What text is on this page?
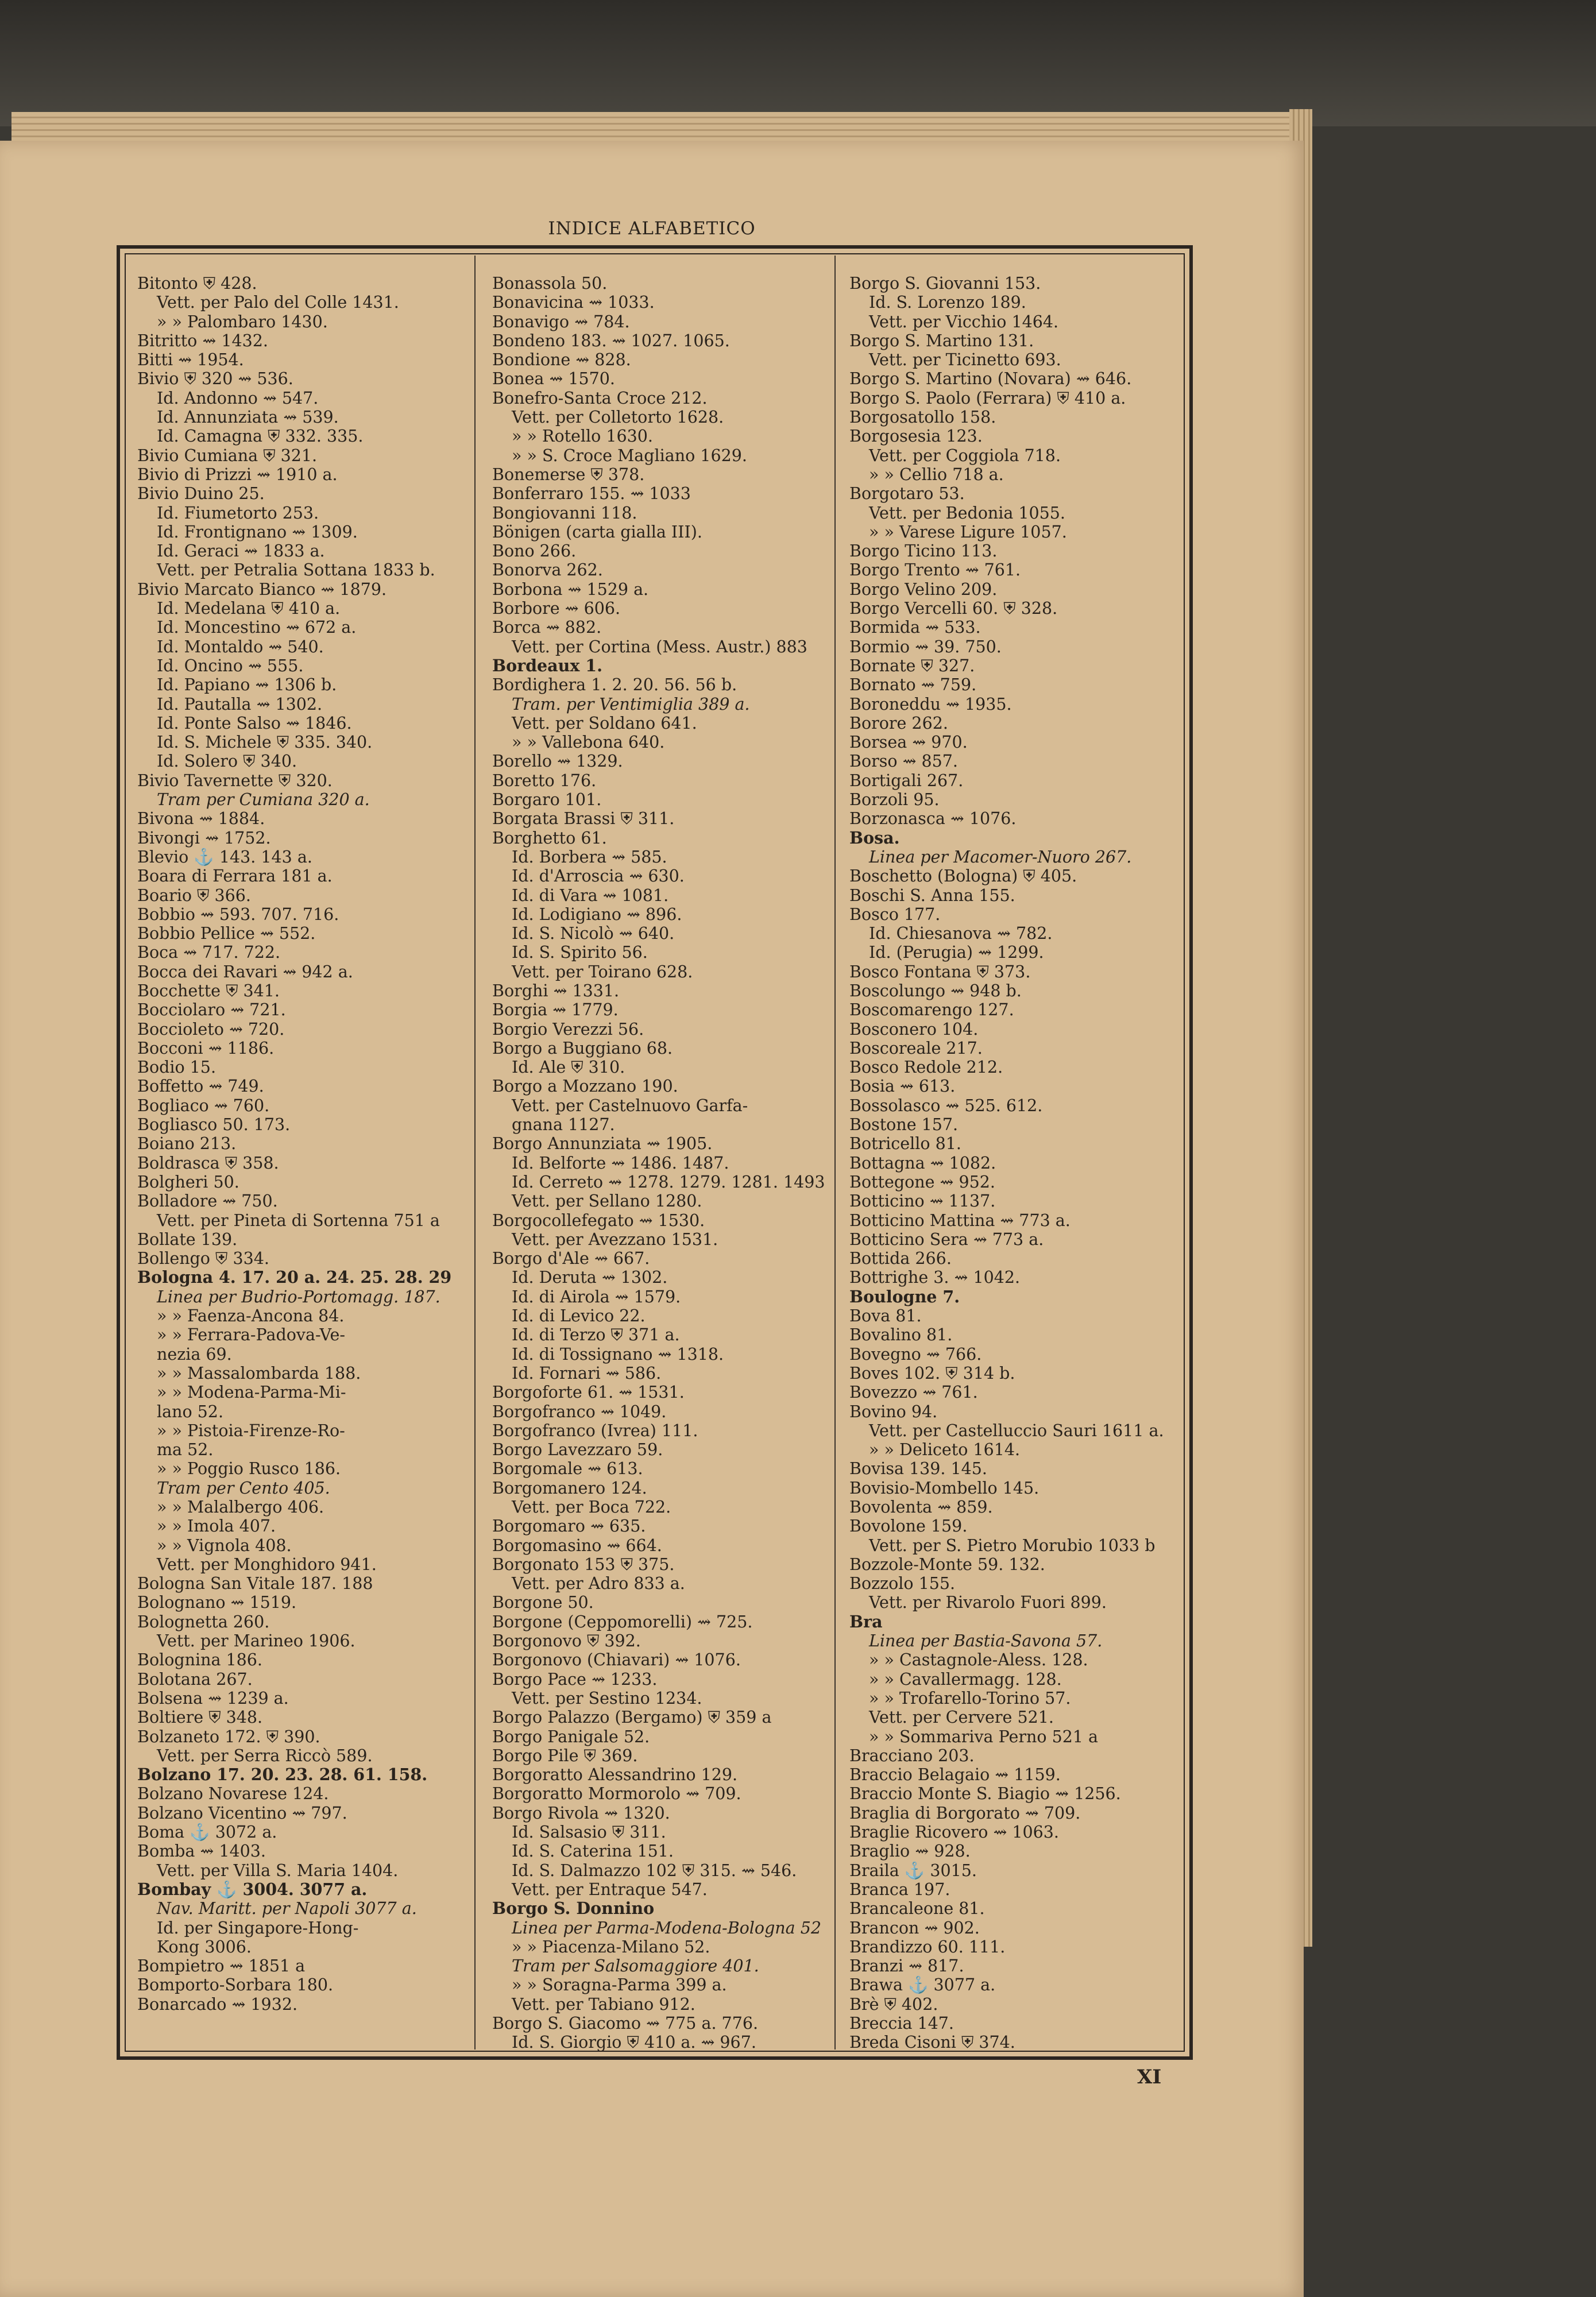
INDICE ALFABETICO
Bitonto ⛨ 428.
Vett. per Palo del Colle 1431.
» » Palombaro 1430.
Bitritto ⇝ 1432.
Bitti ⇝ 1954.
Bivio ⛨ 320 ⇝ 536.
Id. Andonno ⇝ 547.
Id. Annunziata ⇝ 539.
Id. Camagna ⛨ 332. 335.
Bivio Cumiana ⛨ 321.
Bivio di Prizzi ⇝ 1910 a.
Bivio Duino 25.
Id. Fiumetorto 253.
Id. Frontignano ⇝ 1309.
Id. Geraci ⇝ 1833 a.
Vett. per Petralia Sottana 1833 b.
Bivio Marcato Bianco ⇝ 1879.
Id. Medelana ⛨ 410 a.
Id. Moncestino ⇝ 672 a.
Id. Montaldo ⇝ 540.
Id. Oncino ⇝ 555.
Id. Papiano ⇝ 1306 b.
Id. Pautalla ⇝ 1302.
Id. Ponte Salso ⇝ 1846.
Id. S. Michele ⛨ 335. 340.
Id. Solero ⛨ 340.
Bivio Tavernette ⛨ 320.
Tram per Cumiana 320 a.
Bivona ⇝ 1884.
Bivongi ⇝ 1752.
Blevio ⚓ 143. 143 a.
Boara di Ferrara 181 a.
Boario ⛨ 366.
Bobbio ⇝ 593. 707. 716.
Bobbio Pellice ⇝ 552.
Boca ⇝ 717. 722.
Bocca dei Ravari ⇝ 942 a.
Bocchette ⛨ 341.
Bocciolaro ⇝ 721.
Boccioleto ⇝ 720.
Bocconi ⇝ 1186.
Bodio 15.
Boffetto ⇝ 749.
Bogliaco ⇝ 760.
Bogliasco 50. 173.
Boiano 213.
Boldrasca ⛨ 358.
Bolgheri 50.
Bolladore ⇝ 750.
Vett. per Pineta di Sortenna 751 a
Bollate 139.
Bollengo ⛨ 334.
Bologna 4. 17. 20 a. 24. 25. 28. 29
Linea per Budrio-Portomagg. 187.
» » Faenza-Ancona 84.
» » Ferrara-Padova-Ve-
nezia 69.
» » Massalombarda 188.
» » Modena-Parma-Mi-
lano 52.
» » Pistoia-Firenze-Ro-
ma 52.
» » Poggio Rusco 186.
Tram per Cento 405.
» » Malalbergo 406.
» » Imola 407.
» » Vignola 408.
Vett. per Monghidoro 941.
Bologna San Vitale 187. 188
Bolognano ⇝ 1519.
Bolognetta 260.
Vett. per Marineo 1906.
Bolognina 186.
Bolotana 267.
Bolsena ⇝ 1239 a.
Boltiere ⛨ 348.
Bolzaneto 172. ⛨ 390.
Vett. per Serra Riccò 589.
Bolzano 17. 20. 23. 28. 61. 158.
Bolzano Novarese 124.
Bolzano Vicentino ⇝ 797.
Boma ⚓ 3072 a.
Bomba ⇝ 1403.
Vett. per Villa S. Maria 1404.
Bombay ⚓ 3004. 3077 a.
Nav. Maritt. per Napoli 3077 a.
Id. per Singapore-Hong-
Kong 3006.
Bompietro ⇝ 1851 a
Bomporto-Sorbara 180.
Bonarcado ⇝ 1932.
Bonassola 50.
Bonavicina ⇝ 1033.
Bonavigo ⇝ 784.
Bondeno 183. ⇝ 1027. 1065.
Bondione ⇝ 828.
Bonea ⇝ 1570.
Bonefro-Santa Croce 212.
Vett. per Colletorto 1628.
» » Rotello 1630.
» » S. Croce Magliano 1629.
Bonemerse ⛨ 378.
Bonferraro 155. ⇝ 1033
Bongiovanni 118.
Bönigen (carta gialla III).
Bono 266.
Bonorva 262.
Borbona ⇝ 1529 a.
Borbore ⇝ 606.
Borca ⇝ 882.
Vett. per Cortina (Mess. Austr.) 883
Bordeaux 1.
Bordighera 1. 2. 20. 56. 56 b.
Tram. per Ventimiglia 389 a.
Vett. per Soldano 641.
» » Vallebona 640.
Borello ⇝ 1329.
Boretto 176.
Borgaro 101.
Borgata Brassi ⛨ 311.
Borghetto 61.
Id. Borbera ⇝ 585.
Id. d'Arroscia ⇝ 630.
Id. di Vara ⇝ 1081.
Id. Lodigiano ⇝ 896.
Id. S. Nicolò ⇝ 640.
Id. S. Spirito 56.
Vett. per Toirano 628.
Borghi ⇝ 1331.
Borgia ⇝ 1779.
Borgio Verezzi 56.
Borgo a Buggiano 68.
Id. Ale ⛨ 310.
Borgo a Mozzano 190.
Vett. per Castelnuovo Garfa-
gnana 1127.
Borgo Annunziata ⇝ 1905.
Id. Belforte ⇝ 1486. 1487.
Id. Cerreto ⇝ 1278. 1279. 1281. 1493
Vett. per Sellano 1280.
Borgocollefegato ⇝ 1530.
Vett. per Avezzano 1531.
Borgo d'Ale ⇝ 667.
Id. Deruta ⇝ 1302.
Id. di Airola ⇝ 1579.
Id. di Levico 22.
Id. di Terzo ⛨ 371 a.
Id. di Tossignano ⇝ 1318.
Id. Fornari ⇝ 586.
Borgoforte 61. ⇝ 1531.
Borgofranco ⇝ 1049.
Borgofranco (Ivrea) 111.
Borgo Lavezzaro 59.
Borgomale ⇝ 613.
Borgomanero 124.
Vett. per Boca 722.
Borgomaro ⇝ 635.
Borgomasino ⇝ 664.
Borgonato 153 ⛨ 375.
Vett. per Adro 833 a.
Borgone 50.
Borgone (Ceppomorelli) ⇝ 725.
Borgonovo ⛨ 392.
Borgonovo (Chiavari) ⇝ 1076.
Borgo Pace ⇝ 1233.
Vett. per Sestino 1234.
Borgo Palazzo (Bergamo) ⛨ 359 a
Borgo Panigale 52.
Borgo Pile ⛨ 369.
Borgoratto Alessandrino 129.
Borgoratto Mormorolo ⇝ 709.
Borgo Rivola ⇝ 1320.
Id. Salsasio ⛨ 311.
Id. S. Caterina 151.
Id. S. Dalmazzo 102 ⛨ 315. ⇝ 546.
Vett. per Entraque 547.
Borgo S. Donnino
Linea per Parma-Modena-Bologna 52
» » Piacenza-Milano 52.
Tram per Salsomaggiore 401.
» » Soragna-Parma 399 a.
Vett. per Tabiano 912.
Borgo S. Giacomo ⇝ 775 a. 776.
Id. S. Giorgio ⛨ 410 a. ⇝ 967.
Borgo S. Giovanni 153.
Id. S. Lorenzo 189.
Vett. per Vicchio 1464.
Borgo S. Martino 131.
Vett. per Ticinetto 693.
Borgo S. Martino (Novara) ⇝ 646.
Borgo S. Paolo (Ferrara) ⛨ 410 a.
Borgosatollo 158.
Borgosesia 123.
Vett. per Coggiola 718.
» » Cellio 718 a.
Borgotaro 53.
Vett. per Bedonia 1055.
» » Varese Ligure 1057.
Borgo Ticino 113.
Borgo Trento ⇝ 761.
Borgo Velino 209.
Borgo Vercelli 60. ⛨ 328.
Bormida ⇝ 533.
Bormio ⇝ 39. 750.
Bornate ⛨ 327.
Bornato ⇝ 759.
Boroneddu ⇝ 1935.
Borore 262.
Borsea ⇝ 970.
Borso ⇝ 857.
Bortigali 267.
Borzoli 95.
Borzonasca ⇝ 1076.
Bosa.
Linea per Macomer-Nuoro 267.
Boschetto (Bologna) ⛨ 405.
Boschi S. Anna 155.
Bosco 177.
Id. Chiesanova ⇝ 782.
Id. (Perugia) ⇝ 1299.
Bosco Fontana ⛨ 373.
Boscolungo ⇝ 948 b.
Boscomarengo 127.
Bosconero 104.
Boscoreale 217.
Bosco Redole 212.
Bosia ⇝ 613.
Bossolasco ⇝ 525. 612.
Bostone 157.
Botricello 81.
Bottagna ⇝ 1082.
Bottegone ⇝ 952.
Botticino ⇝ 1137.
Botticino Mattina ⇝ 773 a.
Botticino Sera ⇝ 773 a.
Bottida 266.
Bottrighe 3. ⇝ 1042.
Boulogne 7.
Bova 81.
Bovalino 81.
Bovegno ⇝ 766.
Boves 102. ⛨ 314 b.
Bovezzo ⇝ 761.
Bovino 94.
Vett. per Castelluccio Sauri 1611 a.
» » Deliceto 1614.
Bovisa 139. 145.
Bovisio-Mombello 145.
Bovolenta ⇝ 859.
Bovolone 159.
Vett. per S. Pietro Morubio 1033 b
Bozzole-Monte 59. 132.
Bozzolo 155.
Vett. per Rivarolo Fuori 899.
Bra
Linea per Bastia-Savona 57.
» » Castagnole-Aless. 128.
» » Cavallermagg. 128.
» » Trofarello-Torino 57.
Vett. per Cervere 521.
» » Sommariva Perno 521 a
Bracciano 203.
Braccio Belagaio ⇝ 1159.
Braccio Monte S. Biagio ⇝ 1256.
Braglia di Borgorato ⇝ 709.
Braglie Ricovero ⇝ 1063.
Braglio ⇝ 928.
Braila ⚓ 3015.
Branca 197.
Brancaleone 81.
Brancon ⇝ 902.
Brandizzo 60. 111.
Branzi ⇝ 817.
Brawa ⚓ 3077 a.
Brè ⛨ 402.
Breccia 147.
Breda Cisoni ⛨ 374.
XI
